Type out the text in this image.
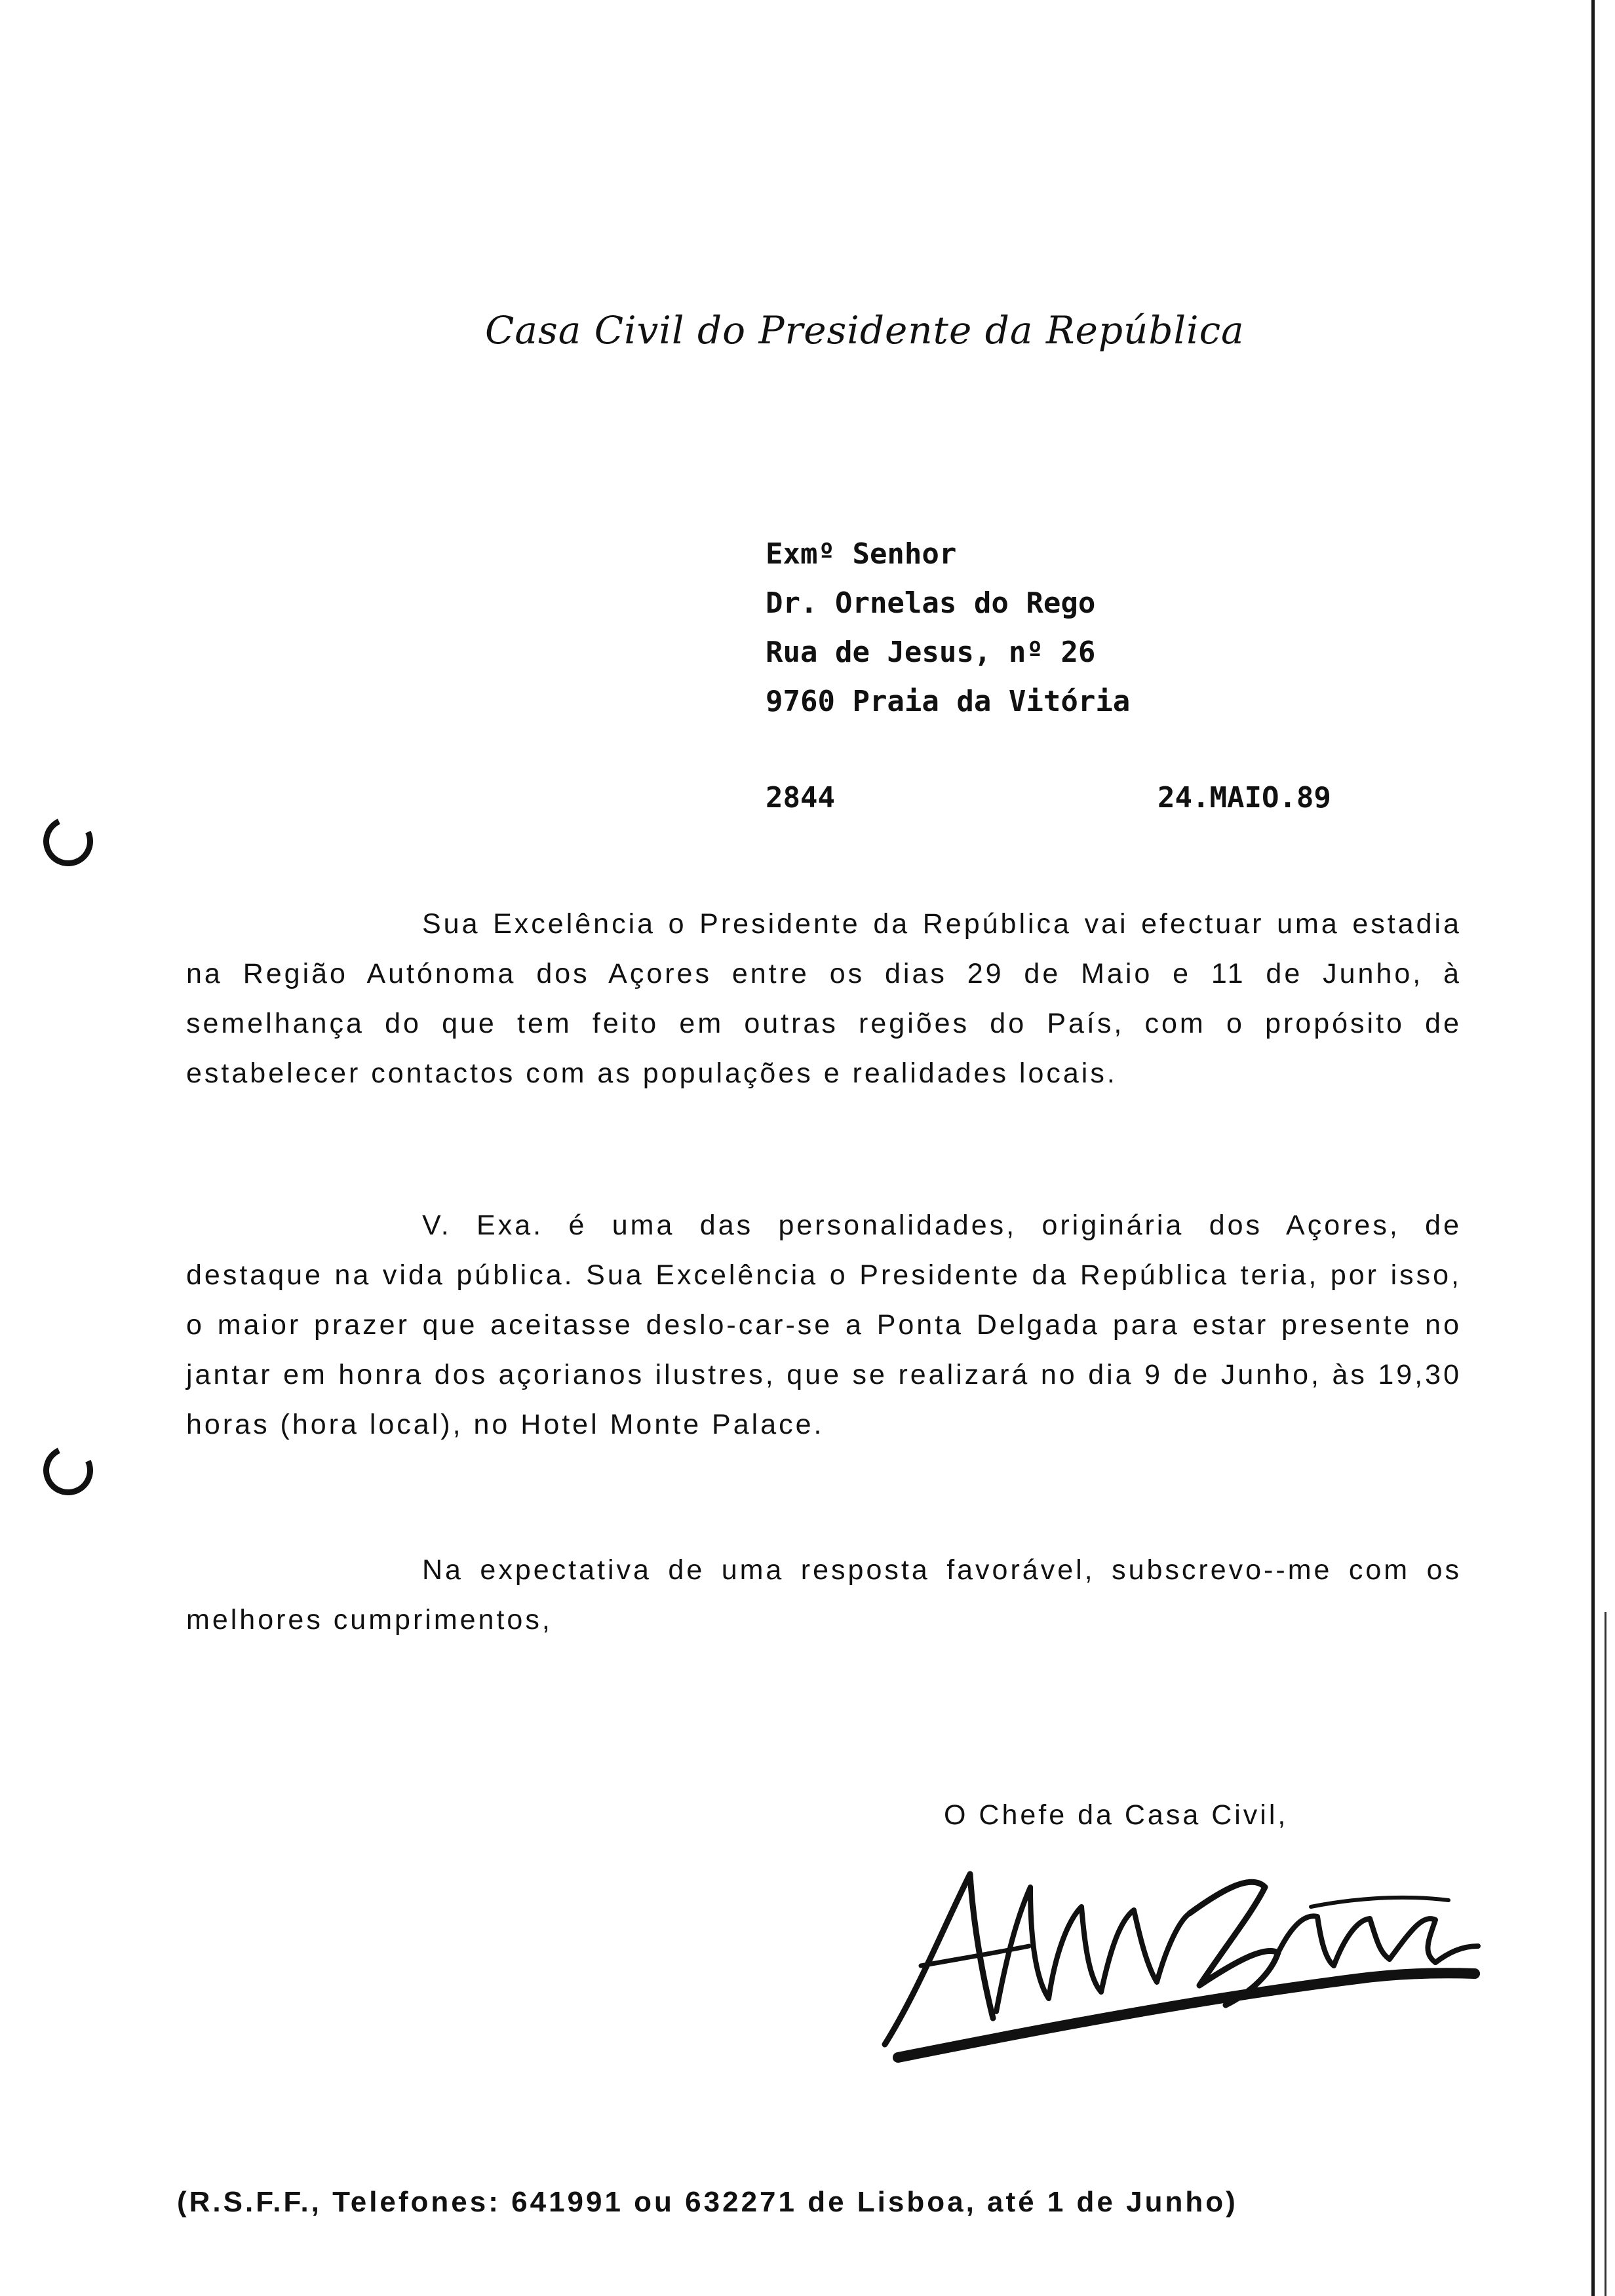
Casa Civil do Presidente da República
Exmº Senhor
Dr. Ornelas do Rego
Rua de Jesus, nº 26
9760 Praia da Vitória
2844	24.MAIO.89

Sua Excelência o Presidente da República vai efectuar uma estadia na Região Autónoma dos Açores entre os dias 29 de Maio e 11 de Junho, à semelhança do que tem feito em outras regiões do País, com o propósito de estabelecer contactos com as populações e realidades locais.

V. Exa. é uma das personalidades, originária dos Açores, de destaque na vida pública. Sua Excelência o Presidente da República teria, por isso, o maior prazer que aceitasse deslo-car-se a Ponta Delgada para estar presente no jantar em honra dos açorianos ilustres, que se realizará no dia 9 de Junho, às 19,30 horas (hora local), no Hotel Monte Palace.

Na expectativa de uma resposta favorável, subscrevo--me com os melhores cumprimentos,

O Chefe da Casa Civil,
(R.S.F.F., Telefones: 641991 ou 632271 de Lisboa, até 1 de Junho)
